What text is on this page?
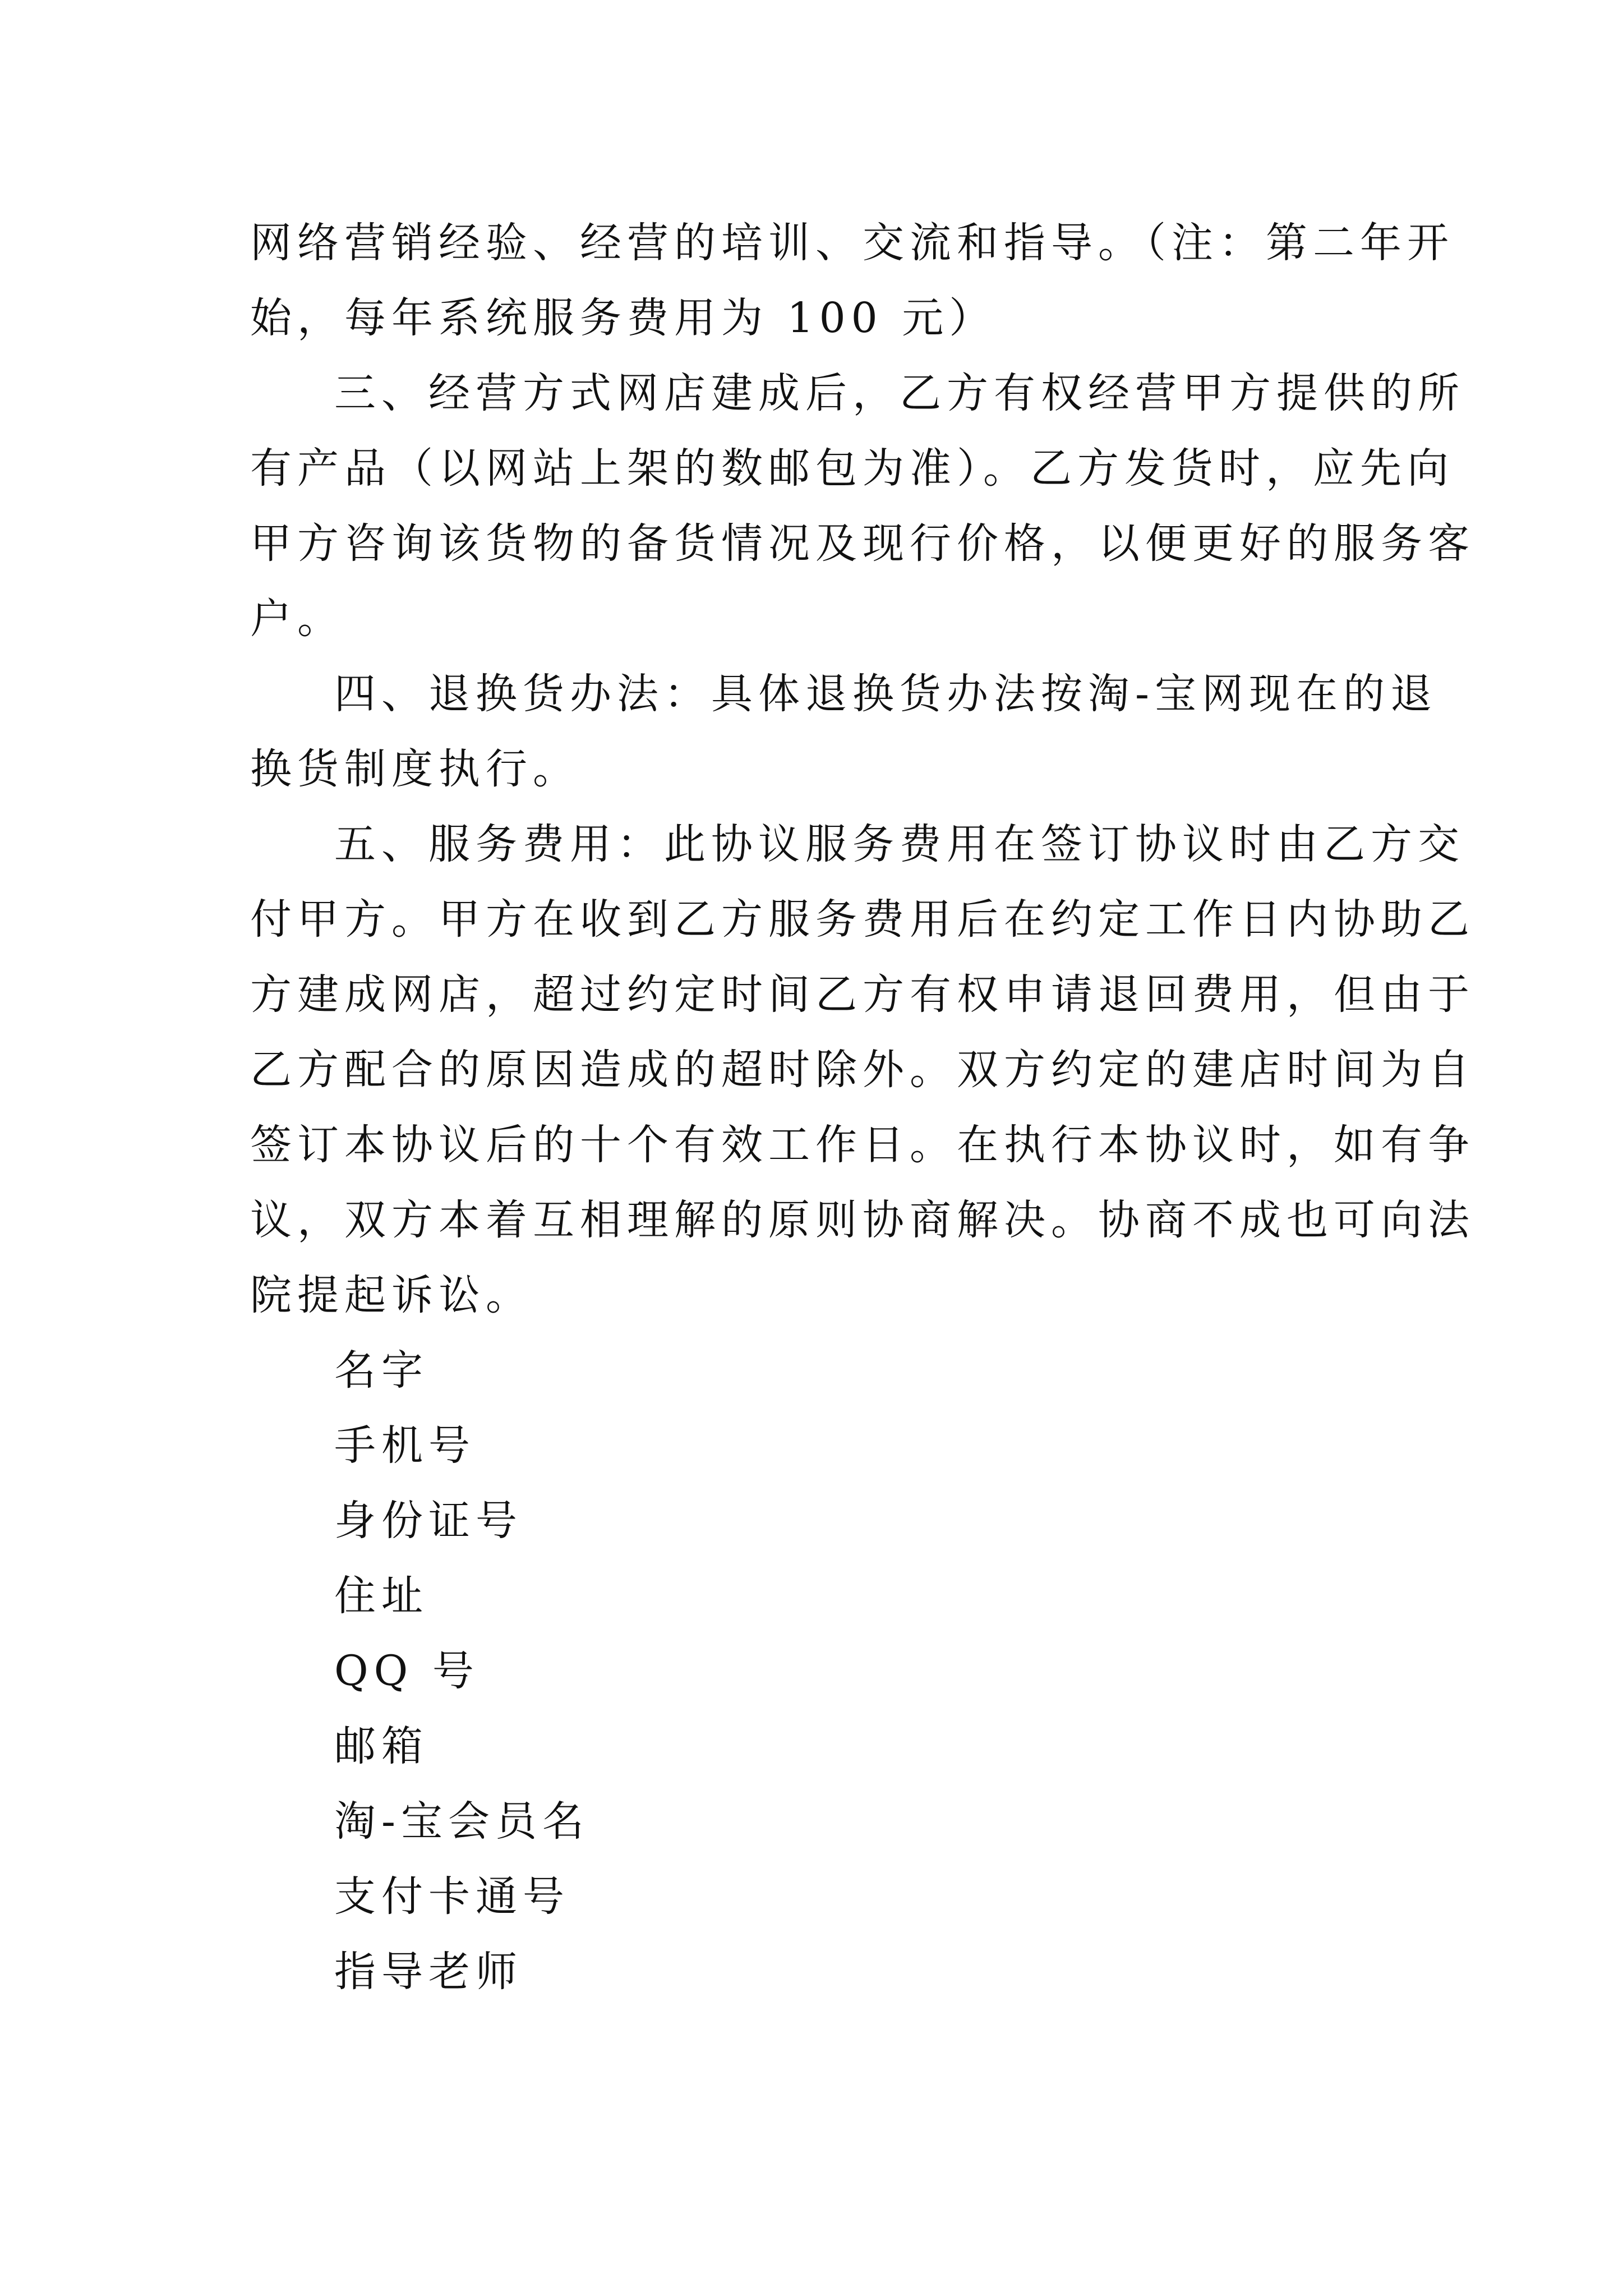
网络营销经验、经营的培训、交流和指导。（注：第二年开
始，每年系统服务费用为 100 元）
三、经营方式网店建成后，乙方有权经营甲方提供的所
有产品（以网站上架的数邮包为准）。乙方发货时，应先向
甲方咨询该货物的备货情况及现行价格，以便更好的服务客
户。
四、退换货办法：具体退换货办法按淘-宝网现在的退
换货制度执行。
五、服务费用：此协议服务费用在签订协议时由乙方交
付甲方。甲方在收到乙方服务费用后在约定工作日内协助乙
方建成网店，超过约定时间乙方有权申请退回费用，但由于
乙方配合的原因造成的超时除外。双方约定的建店时间为自
签订本协议后的十个有效工作日。在执行本协议时，如有争
议，双方本着互相理解的原则协商解决。协商不成也可向法
院提起诉讼。
名字
手机号
身份证号
住址
QQ 号
邮箱
淘-宝会员名
支付卡通号
指导老师
